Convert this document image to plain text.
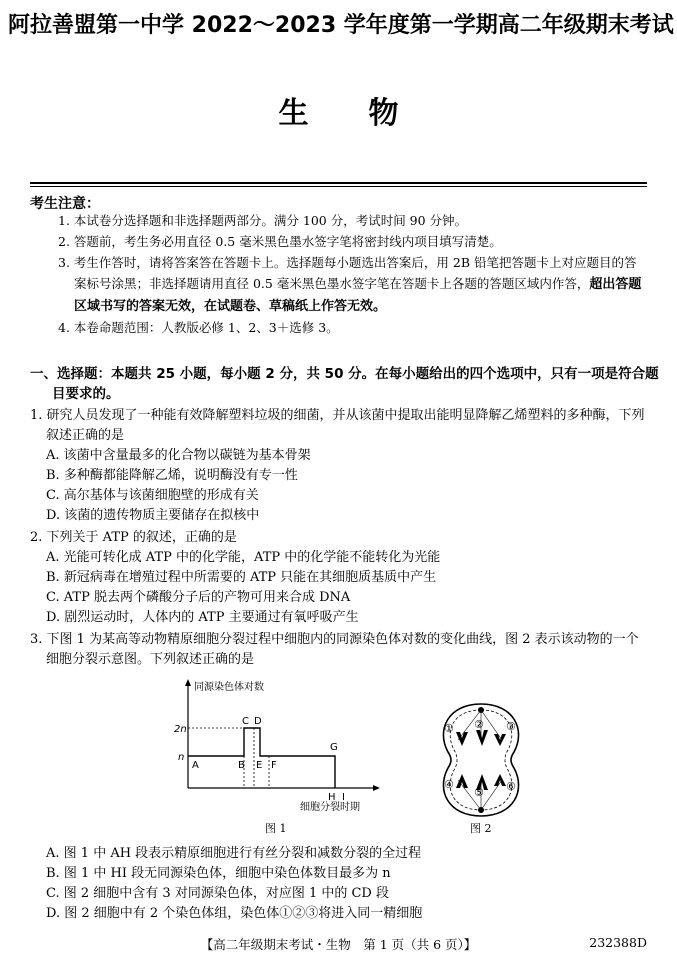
阿拉善盟第一中学 2022～2023 学年度第一学期高二年级期末考试
生物
考生注意：
1. 本试卷分选择题和非选择题两部分。满分 100 分，考试时间 90 分钟。
2. 答题前，考生务必用直径 0.5 毫米黑色墨水签字笔将密封线内项目填写清楚。
3. 考生作答时，请将答案答在答题卡上。选择题每小题选出答案后，用 2B 铅笔把答题卡上对应题目的答案标号涂黑；非选择题请用直径 0.5 毫米黑色墨水签字笔在答题卡上各题的答题区域内作答，超出答题区域书写的答案无效，在试题卷、草稿纸上作答无效。
4. 本卷命题范围：人教版必修 1、2、3＋选修 3。
一、选择题：本题共 25 小题，每小题 2 分，共 50 分。在每小题给出的四个选项中，只有一项是符合题目要求的。
1. 研究人员发现了一种能有效降解塑料垃圾的细菌，并从该菌中提取出能明显降解乙烯塑料的多种酶，下列叙述正确的是
A. 该菌中含量最多的化合物以碳链为基本骨架
B. 多种酶都能降解乙烯，说明酶没有专一性
C. 高尔基体与该菌细胞壁的形成有关
D. 该菌的遗传物质主要储存在拟核中
2. 下列关于 ATP 的叙述，正确的是
A. 光能可转化成 ATP 中的化学能，ATP 中的化学能不能转化为光能
B. 新冠病毒在增殖过程中所需要的 ATP 只能在其细胞质基质中产生
C. ATP 脱去两个磷酸分子后的产物可用来合成 DNA
D. 剧烈运动时，人体内的 ATP 主要通过有氧呼吸产生
3. 下图 1 为某高等动物精原细胞分裂过程中细胞内的同源染色体对数的变化曲线，图 2 表示该动物的一个细胞分裂示意图。下列叙述正确的是
同源染色体对数
细胞分裂时期
2n
n
A	B
C D
E F
G
H I
图 1
① ② ③
④
⑤ ⑥
图 2
A. 图 1 中 AH 段表示精原细胞进行有丝分裂和减数分裂的全过程
B. 图 1 中 HI 段无同源染色体，细胞中染色体数目最多为 n
C. 图 2 细胞中含有 3 对同源染色体，对应图 1 中的 CD 段
D. 图 2 细胞中有 2 个染色体组，染色体①②③将进入同一精细胞
【高二年级期末考试・生物　第 1 页（共 6 页）】	232388D
